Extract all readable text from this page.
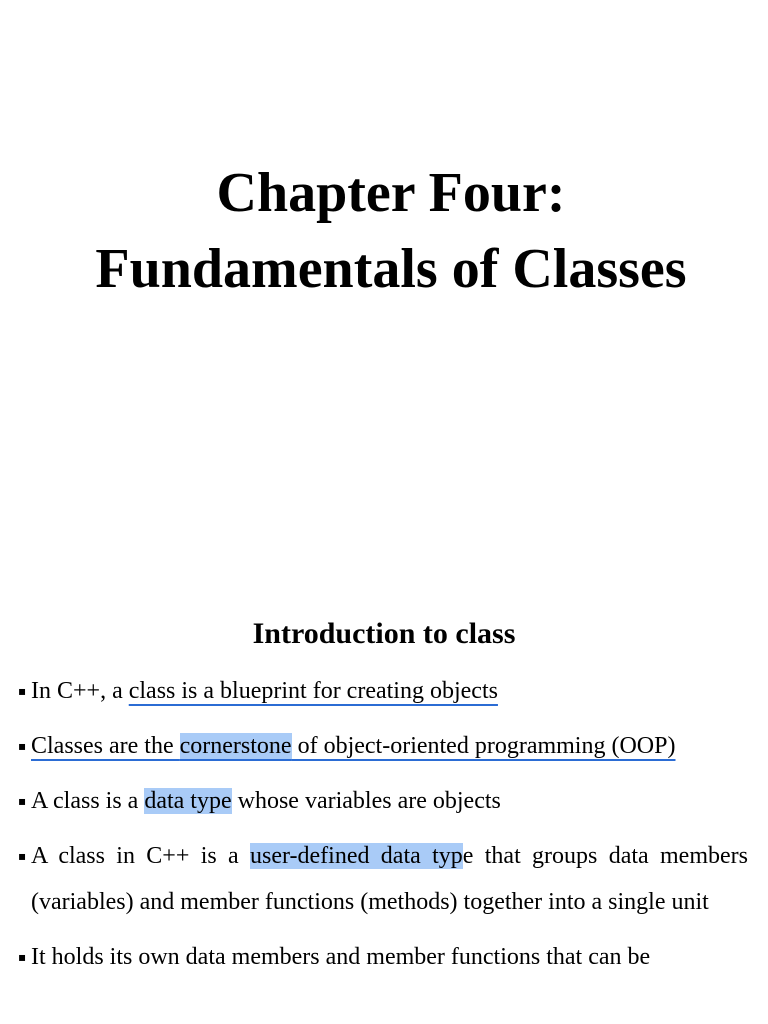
Chapter Four:
Fundamentals of Classes
Introduction to class
▪ In C++, a class is a blueprint for creating objects
▪ Classes are the cornerstone of object-oriented programming (OOP)
▪ A class is a data type whose variables are objects
▪ A class in C++ is a user-defined data type that groups data members (variables) and member functions (methods) together into a single unit
▪ It holds its own data members and member functions that can be
